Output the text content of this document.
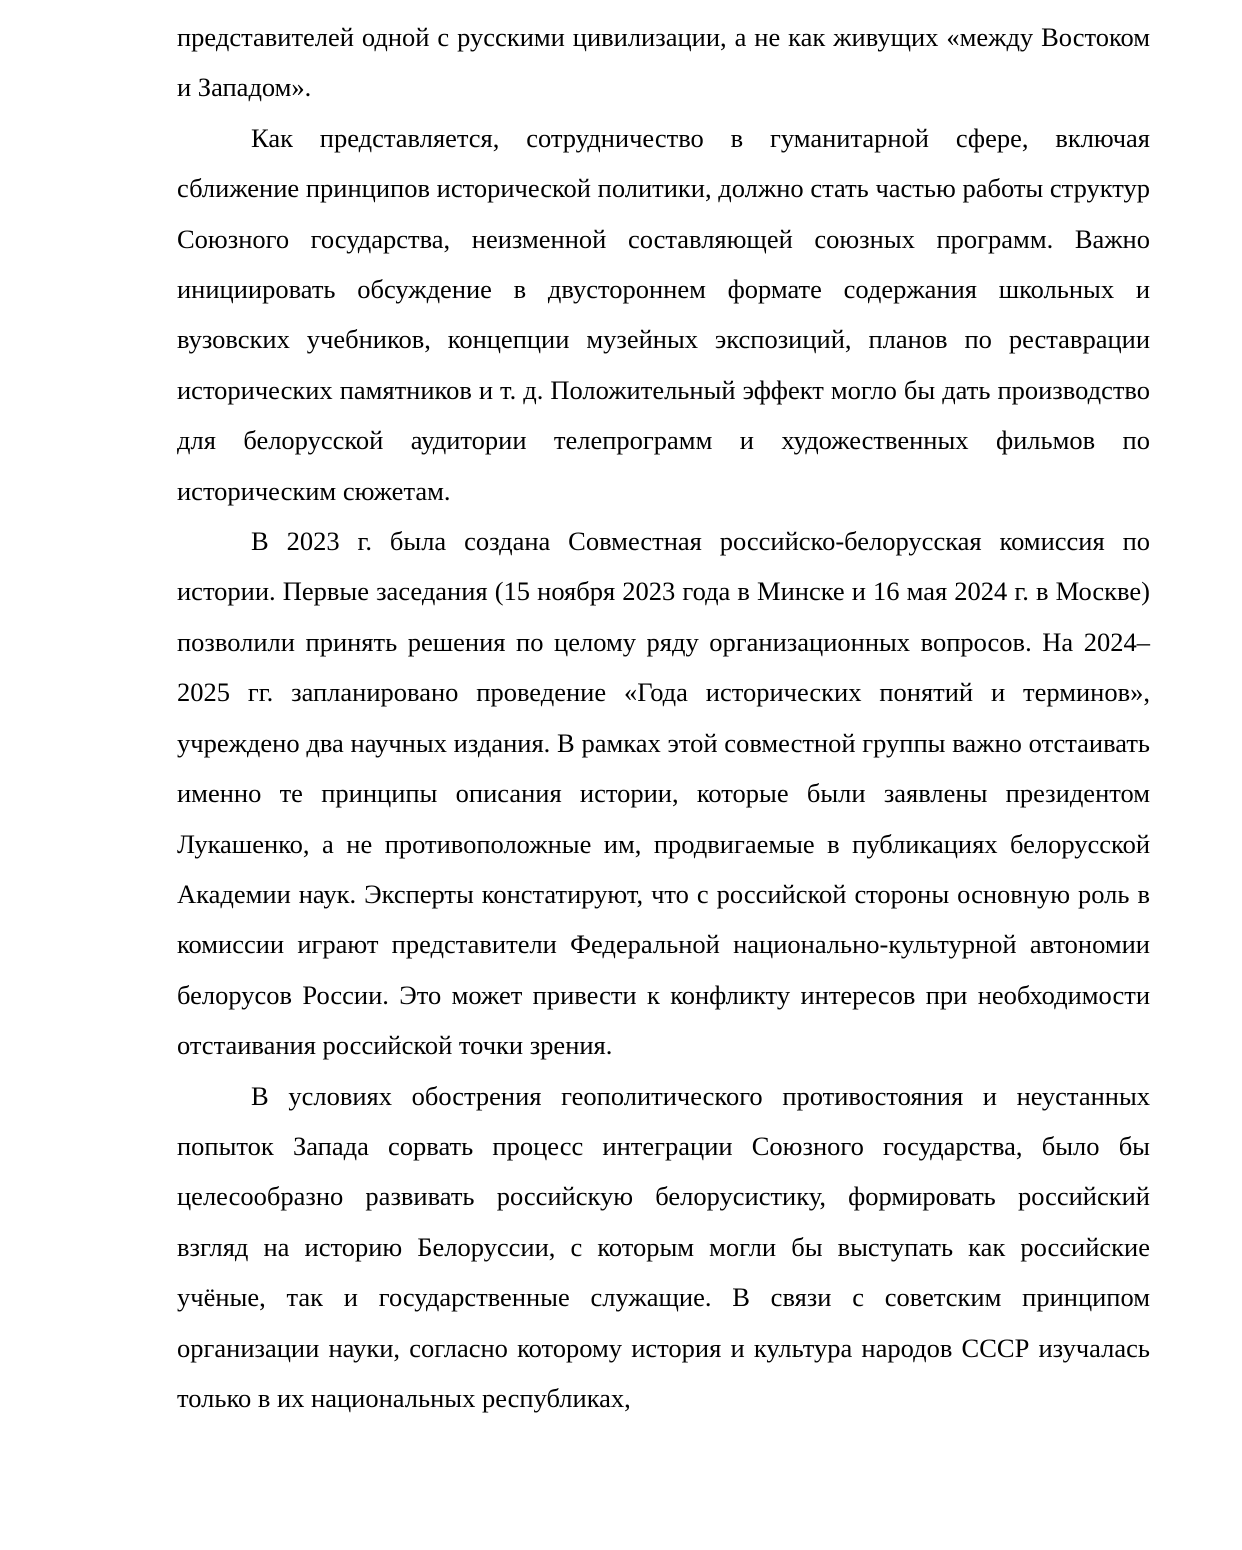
представителей одной с русскими цивилизации, а не как живущих «между Востоком и Западом».

Как представляется, сотрудничество в гуманитарной сфере, включая сближение принципов исторической политики, должно стать частью работы структур Союзного государства, неизменной составляющей союзных программ. Важно инициировать обсуждение в двустороннем формате содержания школьных и вузовских учебников, концепции музейных экспозиций, планов по реставрации исторических памятников и т. д. Положительный эффект могло бы дать производство для белорусской аудитории телепрограмм и художественных фильмов по историческим сюжетам.

В 2023 г. была создана Совместная российско-белорусская комиссия по истории. Первые заседания (15 ноября 2023 года в Минске и 16 мая 2024 г. в Москве) позволили принять решения по целому ряду организационных вопросов. На 2024–2025 гг. запланировано проведение «Года исторических понятий и терминов», учреждено два научных издания. В рамках этой совместной группы важно отстаивать именно те принципы описания истории, которые были заявлены президентом Лукашенко, а не противоположные им, продвигаемые в публикациях белорусской Академии наук. Эксперты констатируют, что с российской стороны основную роль в комиссии играют представители Федеральной национально-культурной автономии белорусов России. Это может привести к конфликту интересов при необходимости отстаивания российской точки зрения.

В условиях обострения геополитического противостояния и неустанных попыток Запада сорвать процесс интеграции Союзного государства, было бы целесообразно развивать российскую белорусистику, формировать российский взгляд на историю Белоруссии, с которым могли бы выступать как российские учёные, так и государственные служащие. В связи с советским принципом организации науки, согласно которому история и культура народов СССР изучалась только в их национальных республиках,
